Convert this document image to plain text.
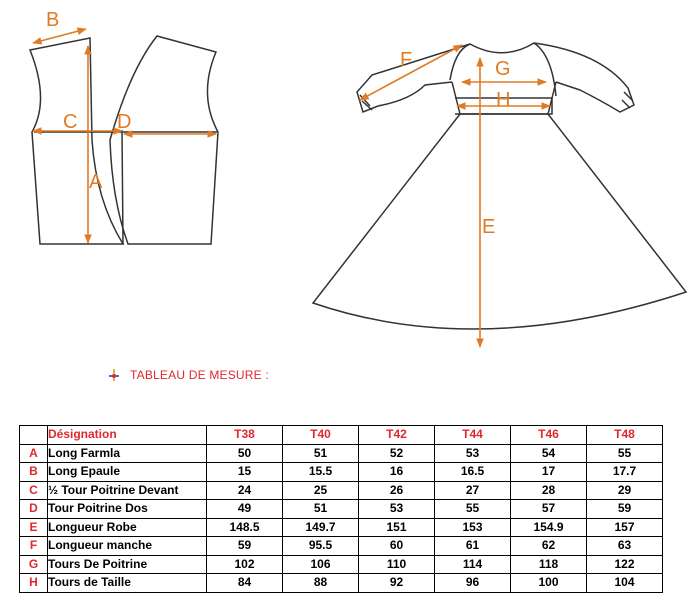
B
C D
A
F	G
H
E
TABLEAU DE MESURE :
	Désignation	T38	T40	T42	T44	T46	T48
A	Long Farmla	50	51	52	53	54	55
B	Long Epaule	15	15.5	16	16.5	17	17.7
C	½ Tour Poitrine Devant	24	25	26	27	28	29
D	Tour Poitrine Dos	49	51	53	55	57	59
E	Longueur Robe	148.5	149.7	151	153	154.9	157
F	Longueur manche	59	95.5	60	61	62	63
G	Tours De Poitrine	102	106	110	114	118	122
H	Tours de Taille	84	88	92	96	100	104
